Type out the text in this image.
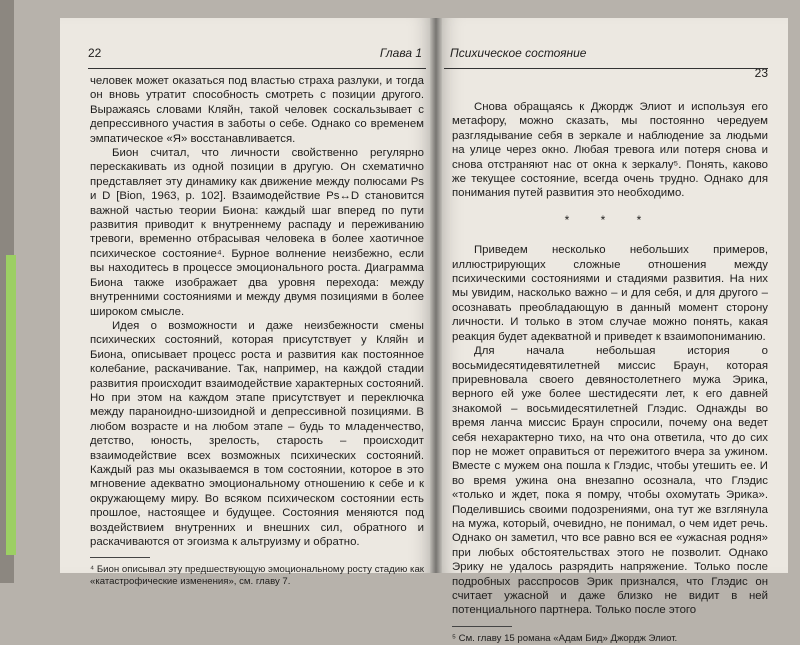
22	Глава 1

человек может оказаться под властью страха разлуки, и тогда он вновь утратит способность смотреть с позиции другого. Выражаясь словами Кляйн, такой человек соскальзывает с депрессивного участия в заботы о себе. Однако со временем эмпатическое «Я» восстанавливается.

Бион считал, что личности свойственно регулярно перескакивать из одной позиции в другую. Он схематично представляет эту динамику как движение между полюсами Ps и D [Bion, 1963, p. 102]. Взаимодействие Ps↔D становится важной частью теории Биона: каждый шаг вперед по пути развития приводит к внутреннему распаду и переживанию тревоги, временно отбрасывая человека в более хаотичное психическое состояние⁴. Бурное волнение неизбежно, если вы находитесь в процессе эмоционального роста. Диаграмма Биона также изображает два уровня перехода: между внутренними состояниями и между двумя позициями в более широком смысле.

Идея о возможности и даже неизбежности смены психических состояний, которая присутствует у Кляйн и Биона, описывает процесс роста и развития как постоянное колебание, раскачивание. Так, например, на каждой стадии развития происходит взаимодействие характерных состояний. Но при этом на каждом этапе присутствует и переключка между параноидно-шизоидной и депрессивной позициями. В любом возрасте и на любом этапе – будь то младенчество, детство, юность, зрелость, старость – происходит взаимодействие всех возможных психических состояний. Каждый раз мы оказываемся в том состоянии, которое в это мгновение адекватно эмоциональному отношению к себе и к окружающему миру. Во всяком психическом состоянии есть прошлое, настоящее и будущее. Состояния меняются под воздействием внутренних и внешних сил, обратного и раскачиваются от эгоизма к альтруизму и обратно.

⁴ Бион описывал эту предшествующую эмоциональному росту стадию как «катастрофические изменения», см. главу 7.
Психическое состояние
23

Снова обращаясь к Джордж Элиот и используя его метафору, можно сказать, мы постоянно чередуем разглядывание себя в зеркале и наблюдение за людьми на улице через окно. Любая тревога или потеря снова и снова отстраняют нас от окна к зеркалу⁵. Понять, каково же текущее состояние, всегда очень трудно. Однако для понимания путей развития это необходимо.

* * *

Приведем несколько небольших примеров, иллюстрирующих сложные отношения между психическими состояниями и стадиями развития. На них мы увидим, насколько важно – и для себя, и для другого – осознавать преобладающую в данный момент сторону личности. И только в этом случае можно понять, какая реакция будет адекватной и приведет к взаимопониманию.

Для начала небольшая история о восьмидесятидевятилетней миссис Браун, которая приревновала своего девяностолетнего мужа Эрика, верного ей уже более шестидесяти лет, к его давней знакомой – восьмидесятилетней Глэдис. Однажды во время ланча миссис Браун спросили, почему она ведет себя нехарактерно тихо, на что она ответила, что до сих пор не может оправиться от пережитого вчера за ужином. Вместе с мужем она пошла к Глэдис, чтобы утешить ее. И во время ужина она внезапно осознала, что Глэдис «только и ждет, пока я помру, чтобы охомутать Эрика». Поделившись своими подозрениями, она тут же взглянула на мужа, который, очевидно, не понимал, о чем идет речь. Однако он заметил, что все равно вся ее «ужасная родня» при любых обстоятельствах этого не позволит. Однако Эрику не удалось разрядить напряжение. Только после подробных расспросов Эрик признался, что Глэдис он считает ужасной и даже близко не видит в ней потенциального партнера. Только после этого

⁵ См. главу 15 романа «Адам Бид» Джордж Элиот.
